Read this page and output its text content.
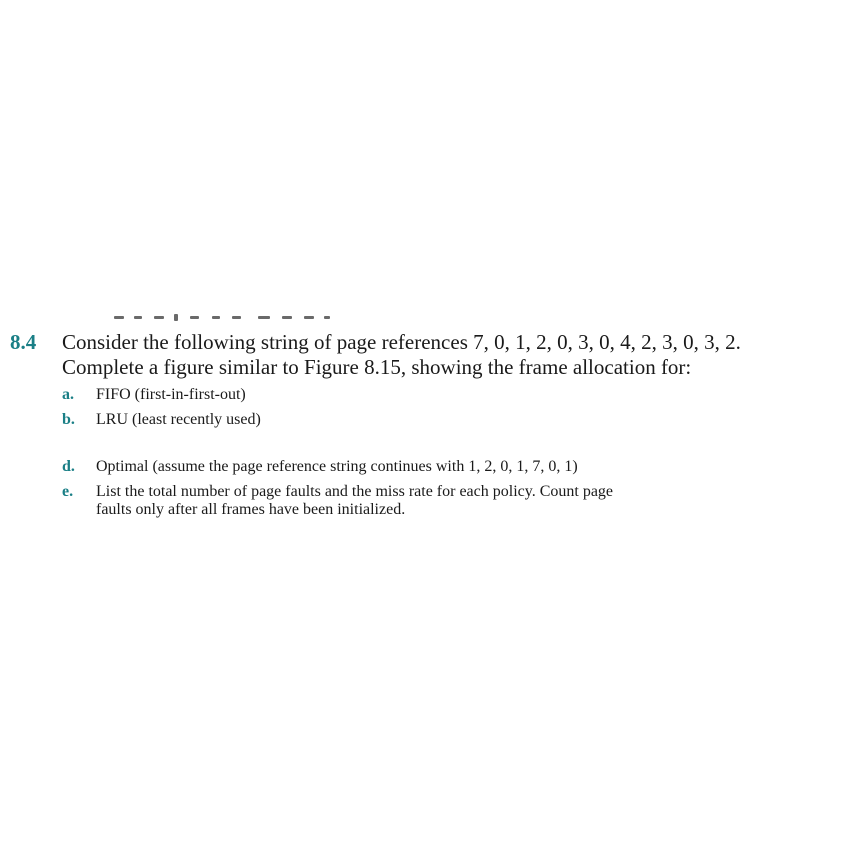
8.4 Consider the following string of page references 7, 0, 1, 2, 0, 3, 0, 4, 2, 3, 0, 3, 2.
Complete a figure similar to Figure 8.15, showing the frame allocation for:
a.	FIFO (first-in-first-out)
b.	LRU (least recently used)
d.	Optimal (assume the page reference string continues with 1, 2, 0, 1, 7, 0, 1)
e.	List the total number of page faults and the miss rate for each policy. Count page
faults only after all frames have been initialized.
